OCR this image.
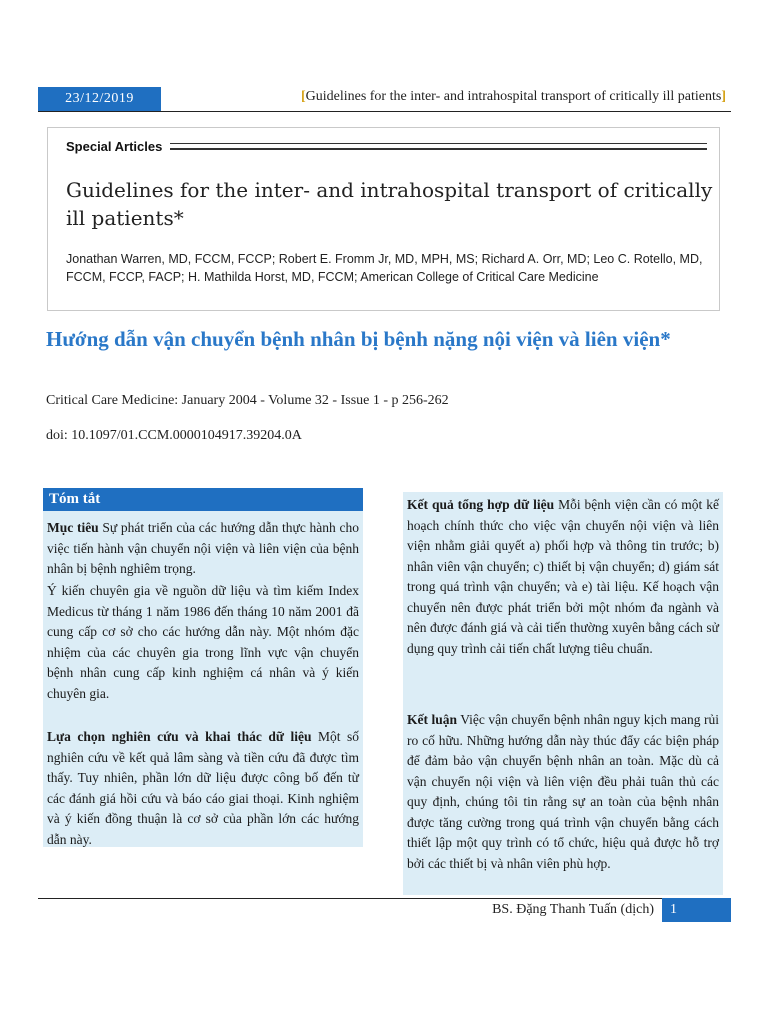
23/12/2019	[Guidelines for the inter- and intrahospital transport of critically ill patients]
Special Articles
Guidelines for the inter- and intrahospital transport of critically ill patients*
Jonathan Warren, MD, FCCM, FCCP; Robert E. Fromm Jr, MD, MPH, MS; Richard A. Orr, MD; Leo C. Rotello, MD, FCCM, FCCP, FACP; H. Mathilda Horst, MD, FCCM; American College of Critical Care Medicine
Hướng dẫn vận chuyển bệnh nhân bị bệnh nặng nội viện và liên viện*
Critical Care Medicine: January 2004 - Volume 32 - Issue 1 - p 256-262
doi: 10.1097/01.CCM.0000104917.39204.0A
Tóm tắt

Mục tiêu Sự phát triển của các hướng dẫn thực hành cho việc tiến hành vận chuyển nội viện và liên viện của bệnh nhân bị bệnh nghiêm trọng.

Ý kiến chuyên gia về nguồn dữ liệu và tìm kiếm Index Medicus từ tháng 1 năm 1986 đến tháng 10 năm 2001 đã cung cấp cơ sở cho các hướng dẫn này. Một nhóm đặc nhiệm của các chuyên gia trong lĩnh vực vận chuyển bệnh nhân cung cấp kinh nghiệm cá nhân và ý kiến chuyên gia.

Lựa chọn nghiên cứu và khai thác dữ liệu Một số nghiên cứu về kết quả lâm sàng và tiền cứu đã được tìm thấy. Tuy nhiên, phần lớn dữ liệu được công bố đến từ các đánh giá hồi cứu và báo cáo giai thoại. Kinh nghiệm và ý kiến đồng thuận là cơ sở của phần lớn các hướng dẫn này.

Kết quả tổng hợp dữ liệu Mỗi bệnh viện cần có một kế hoạch chính thức cho việc vận chuyển nội viện và liên viện nhằm giải quyết a) phối hợp và thông tin trước; b) nhân viên vận chuyển; c) thiết bị vận chuyển; d) giám sát trong quá trình vận chuyển; và e) tài liệu. Kế hoạch vận chuyển nên được phát triển bởi một nhóm đa ngành và nên được đánh giá và cải tiến thường xuyên bằng cách sử dụng quy trình cải tiến chất lượng tiêu chuẩn.

Kết luận Việc vận chuyển bệnh nhân nguy kịch mang rủi ro cố hữu. Những hướng dẫn này thúc đẩy các biện pháp để đảm bảo vận chuyển bệnh nhân an toàn. Mặc dù cả vận chuyển nội viện và liên viện đều phải tuân thủ các quy định, chúng tôi tin rằng sự an toàn của bệnh nhân được tăng cường trong quá trình vận chuyển bằng cách thiết lập một quy trình có tổ chức, hiệu quả được hỗ trợ bởi các thiết bị và nhân viên phù hợp.

BS. Đặng Thanh Tuấn (dịch)	1
